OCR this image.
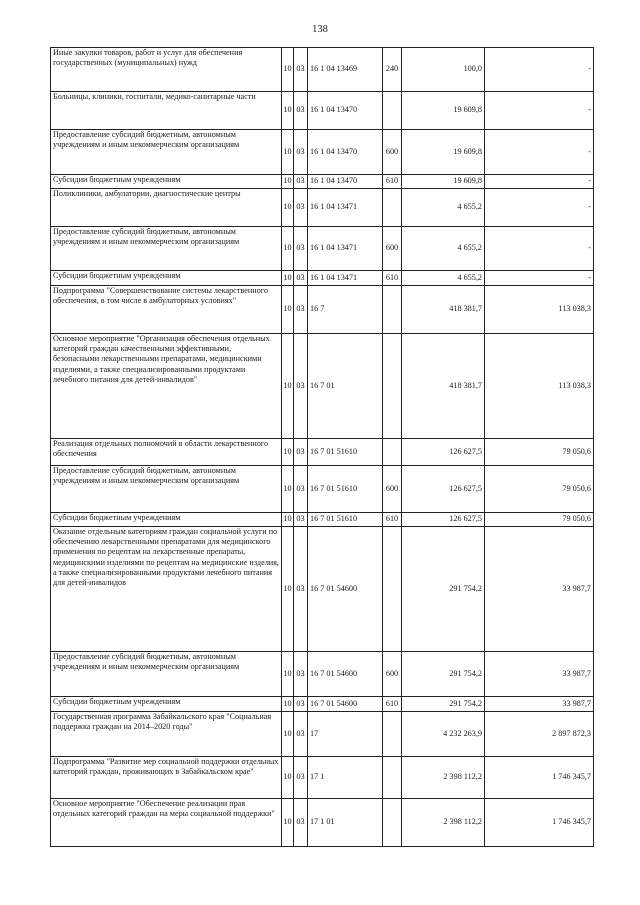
138
Иные закупки товаров, работ и услуг для обеспечения государственных (муниципальных) нужд	10	03	16 1 04 13469	240	100,0	-
Больницы, клиники, госпитали, медико-санитарные части	10	03	16 1 04 13470		19 609,8	-
Предоставление субсидий бюджетным, автономным учреждениям и иным некоммерческим организациям	10	03	16 1 04 13470	600	19 609,8	-
Субсидии бюджетным учреждениям	10	03	16 1 04 13470	610	19 609,8	-
Поликлиники, амбулатории, диагностические центры	10	03	16 1 04 13471		4 655,2	-
Предоставление субсидий бюджетным, автономным учреждениям и иным некоммерческим организациям	10	03	16 1 04 13471	600	4 655,2	-
Субсидии бюджетным учреждениям	10	03	16 1 04 13471	610	4 655,2	-
Подпрограмма "Совершенствование системы лекарственного обеспечения, в том числе в амбулаторных условиях"	10	03	16 7		418 381,7	113 038,3
Основное мероприятие "Организация обеспечения отдельных категорий граждан качественными эффективными, безопасными лекарственными препаратами, медицинскими изделиями, а также специализированными продуктами лечебного питания для детей-инвалидов"	10	03	16 7 01		418 381,7	113 038,3
Реализация отдельных полномочий в области лекарственного обеспечения	10	03	16 7 01 51610		126 627,5	79 050,6
Предоставление субсидий бюджетным, автономным учреждениям и иным некоммерческим организациям	10	03	16 7 01 51610	600	126 627,5	79 050,6
Субсидии бюджетным учреждениям	10	03	16 7 01 51610	610	126 627,5	79 050,6
Оказание отдельным категориям граждан социальной услуги по обеспечению лекарственными препаратами для медицинского применения по рецептам на лекарственные препараты, медицинскими изделиями по рецептам на медицинские изделия, а также специализированными продуктами лечебного питания для детей-инвалидов	10	03	16 7 01 54600		291 754,2	33 987,7
Предоставление субсидий бюджетным, автономным учреждениям и иным некоммерческим организациям	10	03	16 7 01 54600	600	291 754,2	33 987,7
Субсидии бюджетным учреждениям	10	03	16 7 01 54600	610	291 754,2	33 987,7
Государственная программа Забайкальского края "Социальная поддержка граждан на 2014–2020 годы"	10	03	17		4 232 263,9	2 897 872,3
Подпрограмма "Развитие мер социальной поддержки отдельных категорий граждан, проживающих в Забайкальском крае"	10	03	17 1		2 398 112,2	1 746 345,7
Основное мероприятие "Обеспечение реализации прав отдельных категорий граждан на меры социальной поддержки"	10	03	17 1 01		2 398 112,2	1 746 345,7
